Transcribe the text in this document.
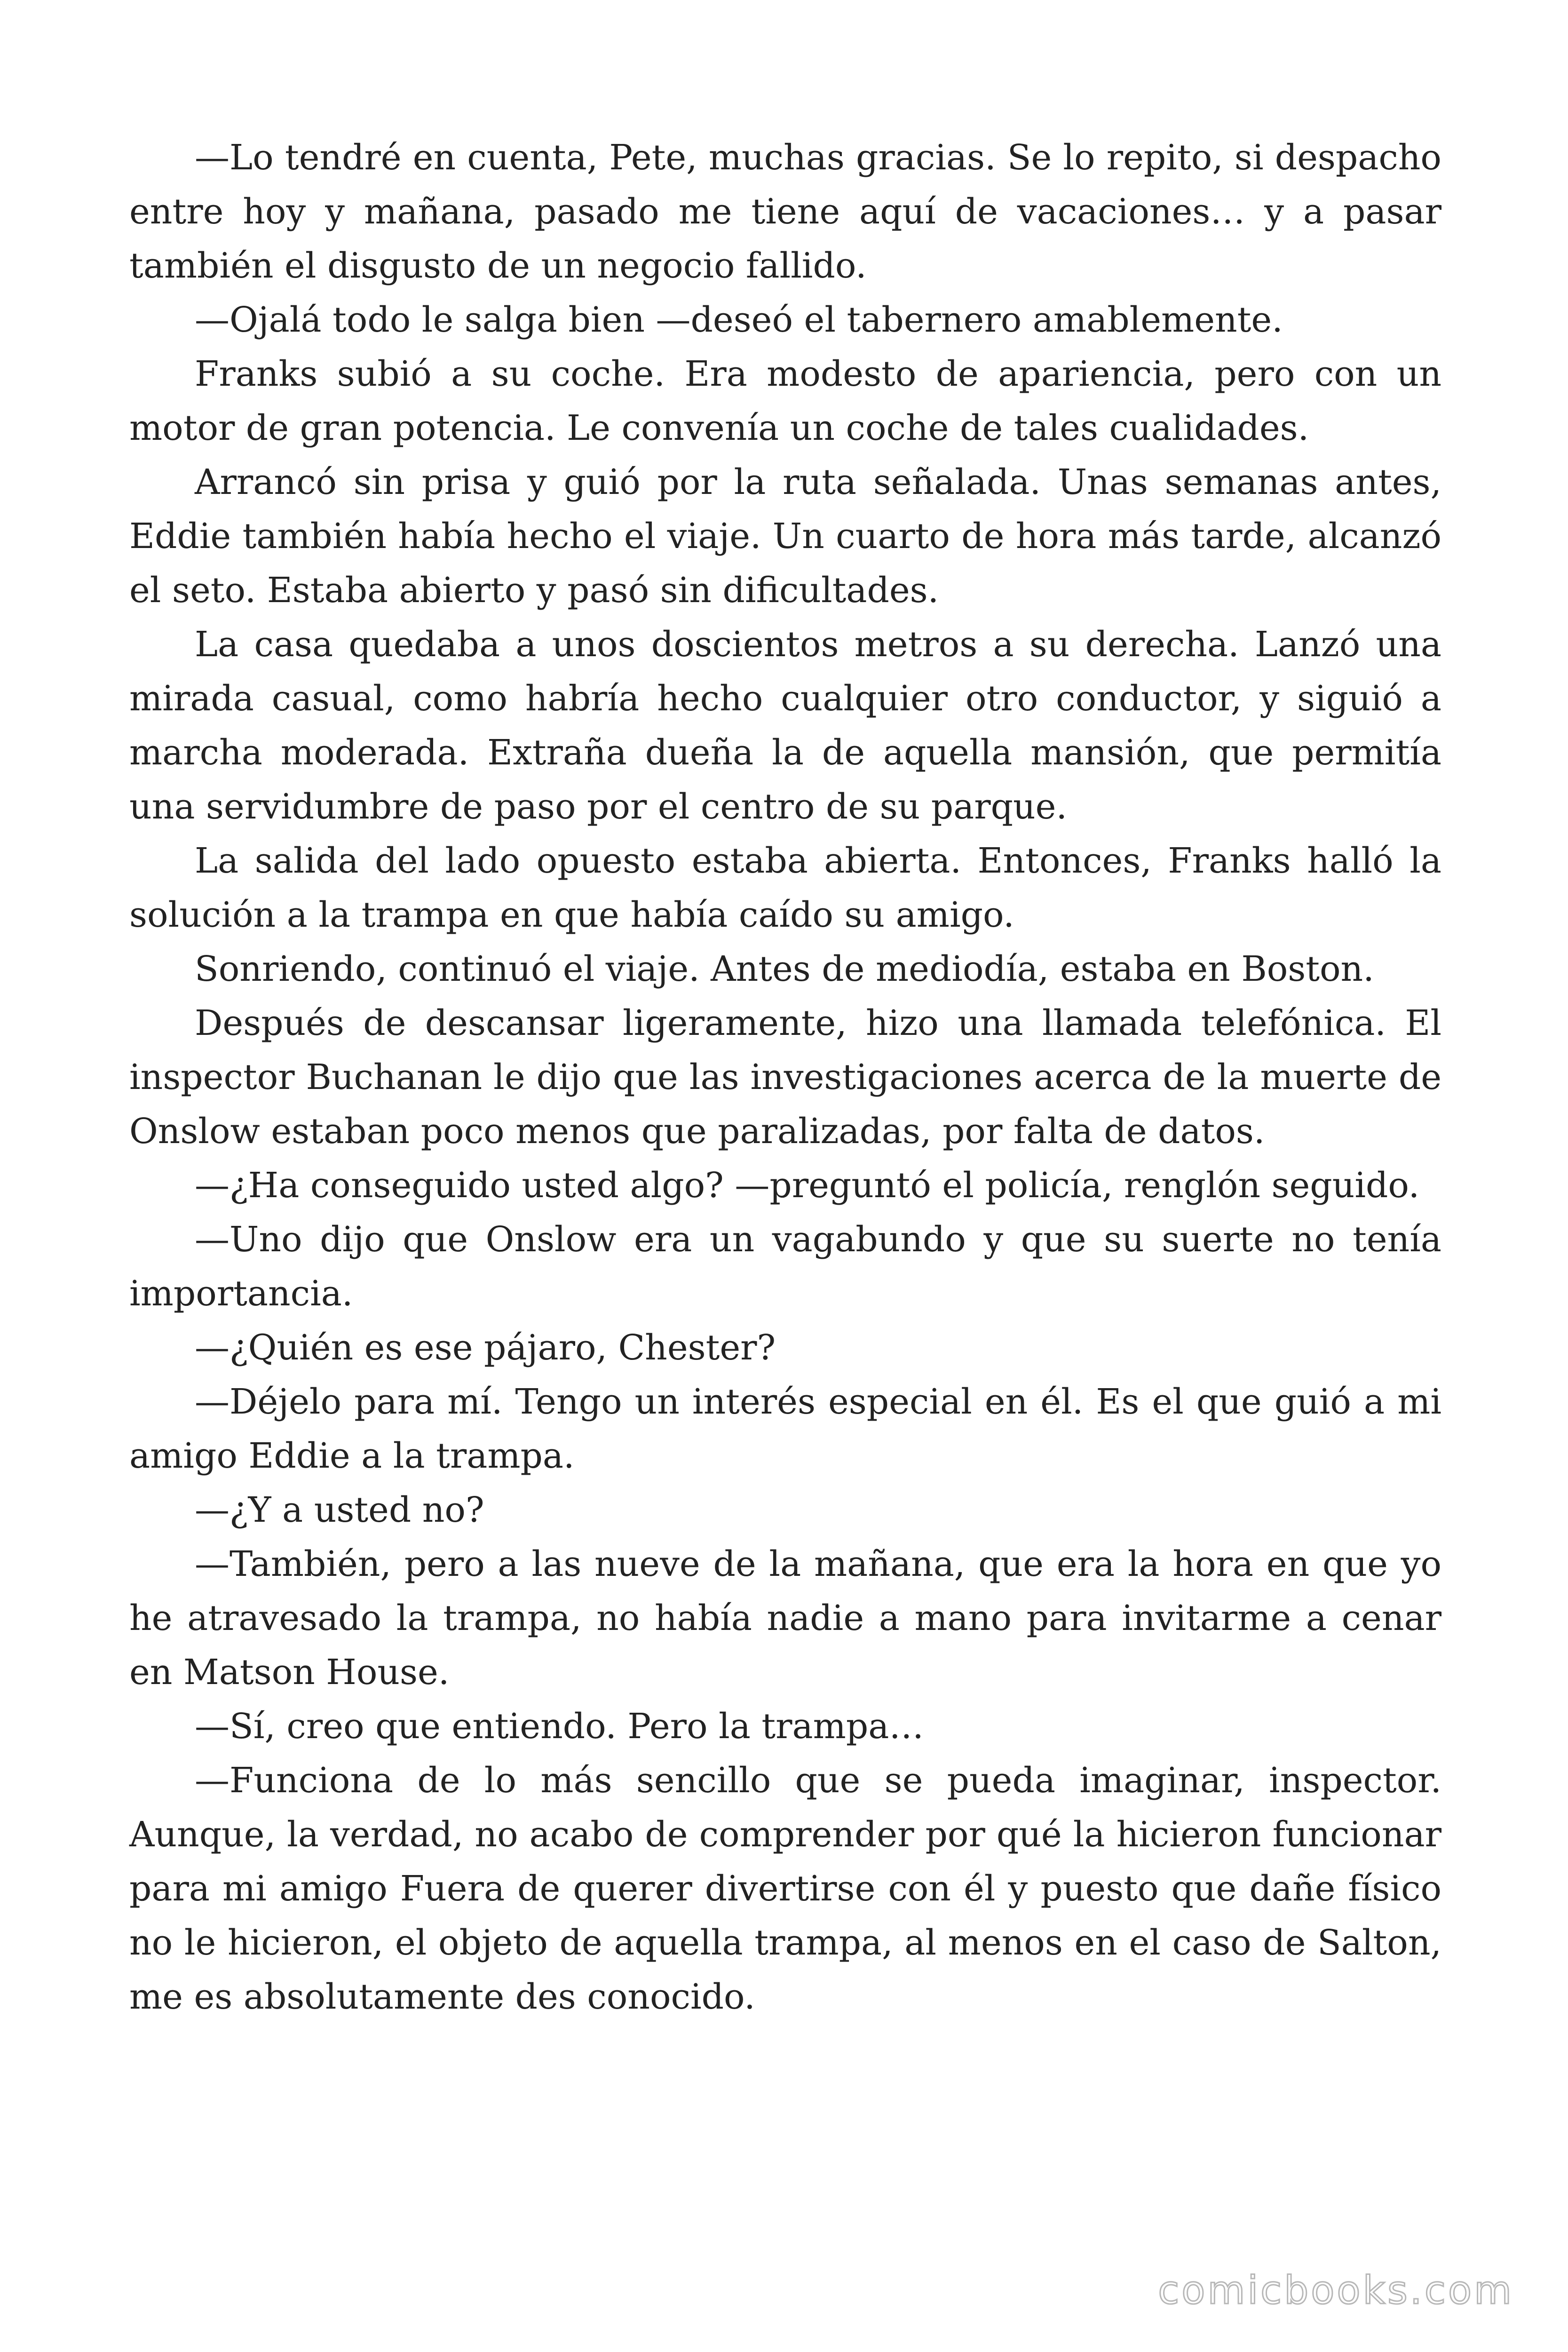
—Lo tendré en cuenta, Pete, muchas gracias. Se lo repito, si despacho entre hoy y mañana, pasado me tiene aquí de vacaciones… y a pasar también el disgusto de un negocio fallido.

—Ojalá todo le salga bien —deseó el tabernero amablemente.

Franks subió a su coche. Era modesto de apariencia, pero con un motor de gran potencia. Le convenía un coche de tales cualidades.

Arrancó sin prisa y guió por la ruta señalada. Unas semanas antes, Eddie también había hecho el viaje. Un cuarto de hora más tarde, alcanzó el seto. Estaba abierto y pasó sin dificultades.

La casa quedaba a unos doscientos metros a su derecha. Lanzó una mirada casual, como habría hecho cualquier otro conductor, y siguió a marcha moderada. Extraña dueña la de aquella mansión, que permitía una servidumbre de paso por el centro de su parque.

La salida del lado opuesto estaba abierta. Entonces, Franks halló la solución a la trampa en que había caído su amigo.

Sonriendo, continuó el viaje. Antes de mediodía, estaba en Boston.

Después de descansar ligeramente, hizo una llamada telefónica. El inspector Buchanan le dijo que las investigaciones acerca de la muerte de Onslow estaban poco menos que paralizadas, por falta de datos.

—¿Ha conseguido usted algo? —preguntó el policía, renglón seguido.

—Uno dijo que Onslow era un vagabundo y que su suerte no tenía importancia.

—¿Quién es ese pájaro, Chester?

—Déjelo para mí. Tengo un interés especial en él. Es el que guió a mi amigo Eddie a la trampa.

—¿Y a usted no?

—También, pero a las nueve de la mañana, que era la hora en que yo he atravesado la trampa, no había nadie a mano para invitarme a cenar en Matson House.

—Sí, creo que entiendo. Pero la trampa…

—Funciona de lo más sencillo que se pueda imaginar, inspector. Aunque, la verdad, no acabo de comprender por qué la hicieron funcionar para mi amigo Fuera de querer divertirse con él y puesto que dañe físico no le hicieron, el objeto de aquella trampa, al menos en el caso de Salton, me es absolutamente des conocido.

comicbooks.com
